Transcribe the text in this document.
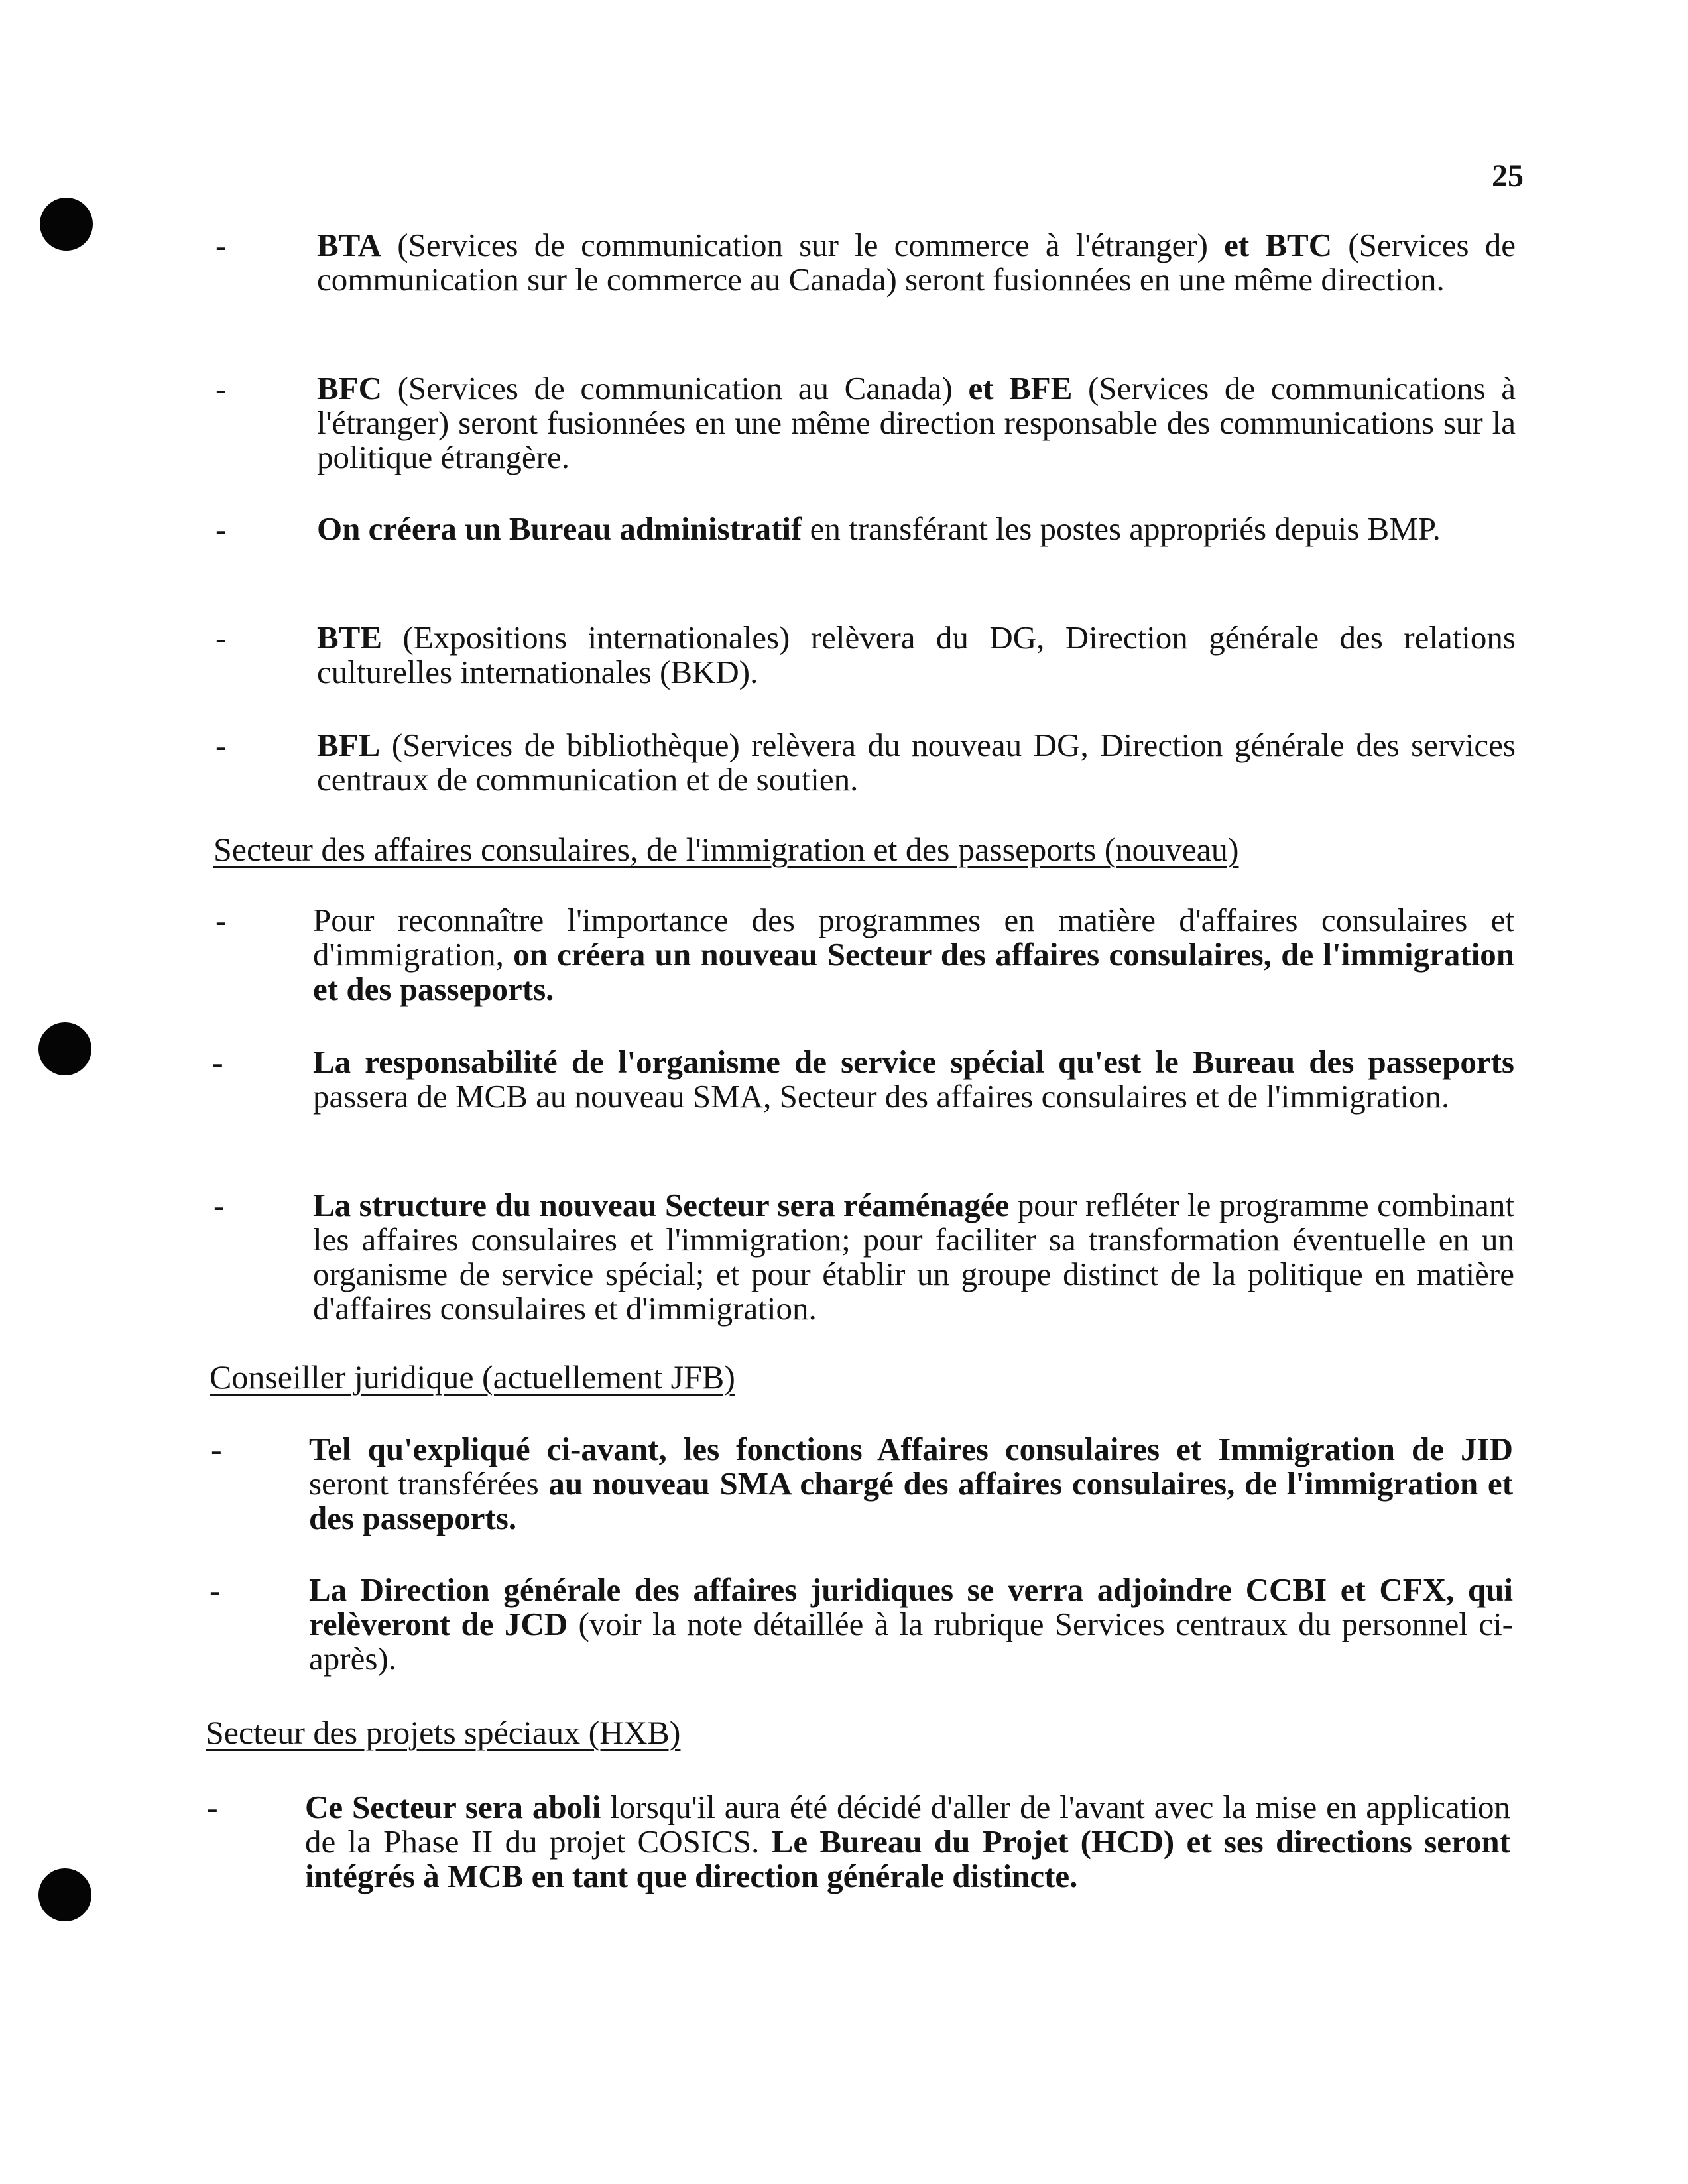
25
-	BTA (Services de communication sur le commerce à l'étranger) et BTC (Services de communication sur le commerce au Canada) seront fusionnées en une même direction.
-	BFC (Services de communication au Canada) et BFE (Services de communications à l'étranger) seront fusionnées en une même direction responsable des communications sur la politique étrangère.
-	On créera un Bureau administratif en transférant les postes appropriés depuis BMP.
-	BTE (Expositions internationales) relèvera du DG, Direction générale des relations culturelles internationales (BKD).
-	BFL (Services de bibliothèque) relèvera du nouveau DG, Direction générale des services centraux de communication et de soutien.
Secteur des affaires consulaires, de l'immigration et des passeports (nouveau)
-	Pour reconnaître l'importance des programmes en matière d'affaires consulaires et d'immigration, on créera un nouveau Secteur des affaires consulaires, de l'immigration et des passeports.
-	La responsabilité de l'organisme de service spécial qu'est le Bureau des passeports passera de MCB au nouveau SMA, Secteur des affaires consulaires et de l'immigration.
-	La structure du nouveau Secteur sera réaménagée pour refléter le programme combinant les affaires consulaires et l'immigration; pour faciliter sa transformation éventuelle en un organisme de service spécial; et pour établir un groupe distinct de la politique en matière d'affaires consulaires et d'immigration.
Conseiller juridique (actuellement JFB)
-	Tel qu'expliqué ci-avant, les fonctions Affaires consulaires et Immigration de JID seront transférées au nouveau SMA chargé des affaires consulaires, de l'immigration et des passeports.
-	La Direction générale des affaires juridiques se verra adjoindre CCBI et CFX, qui relèveront de JCD (voir la note détaillée à la rubrique Services centraux du personnel ci-après).
Secteur des projets spéciaux (HXB)
-	Ce Secteur sera aboli lorsqu'il aura été décidé d'aller de l'avant avec la mise en application de la Phase II du projet COSICS. Le Bureau du Projet (HCD) et ses directions seront intégrés à MCB en tant que direction générale distincte.
